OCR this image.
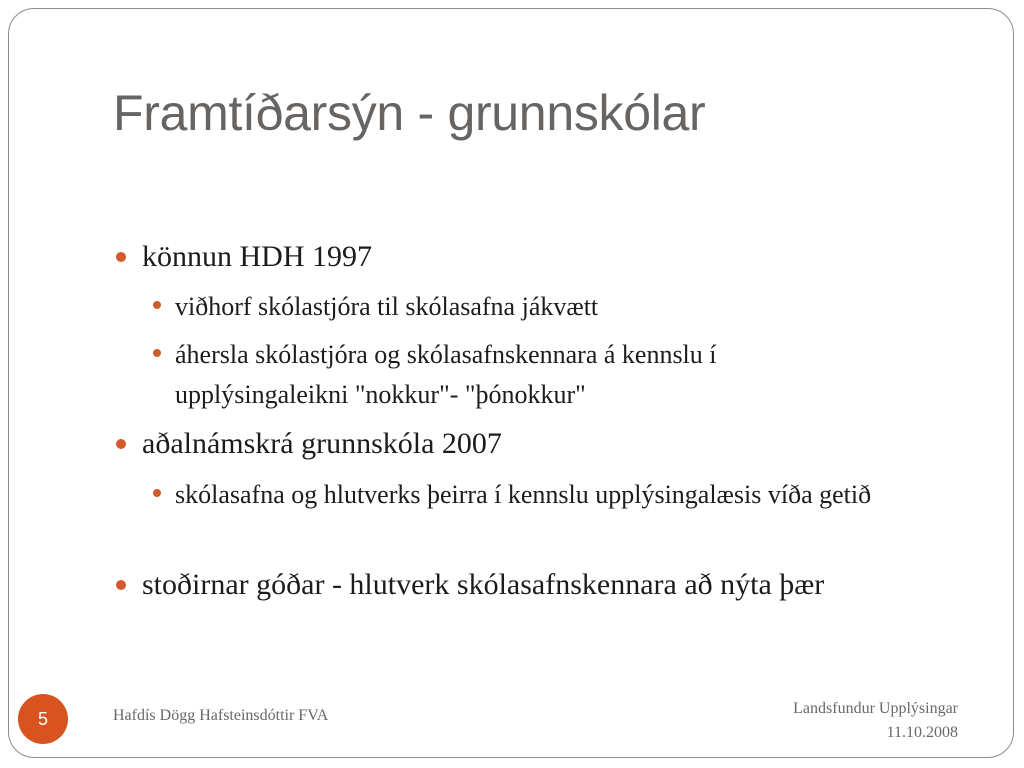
Framtíðarsýn - grunnskólar
könnun HDH 1997
viðhorf skólastjóra til skólasafna jákvætt
áhersla skólastjóra og skólasafnskennara á kennslu í upplýsingaleikni "nokkur"- "þónokkur"
aðalnámskrá grunnskóla 2007
skólasafna og hlutverks þeirra í kennslu upplýsingalæsis víða getið
stoðirnar góðar - hlutverk skólasafnskennara að nýta þær
5	Hafdís Dögg Hafsteinsdóttir FVA	Landsfundur Upplýsingar
11.10.2008
